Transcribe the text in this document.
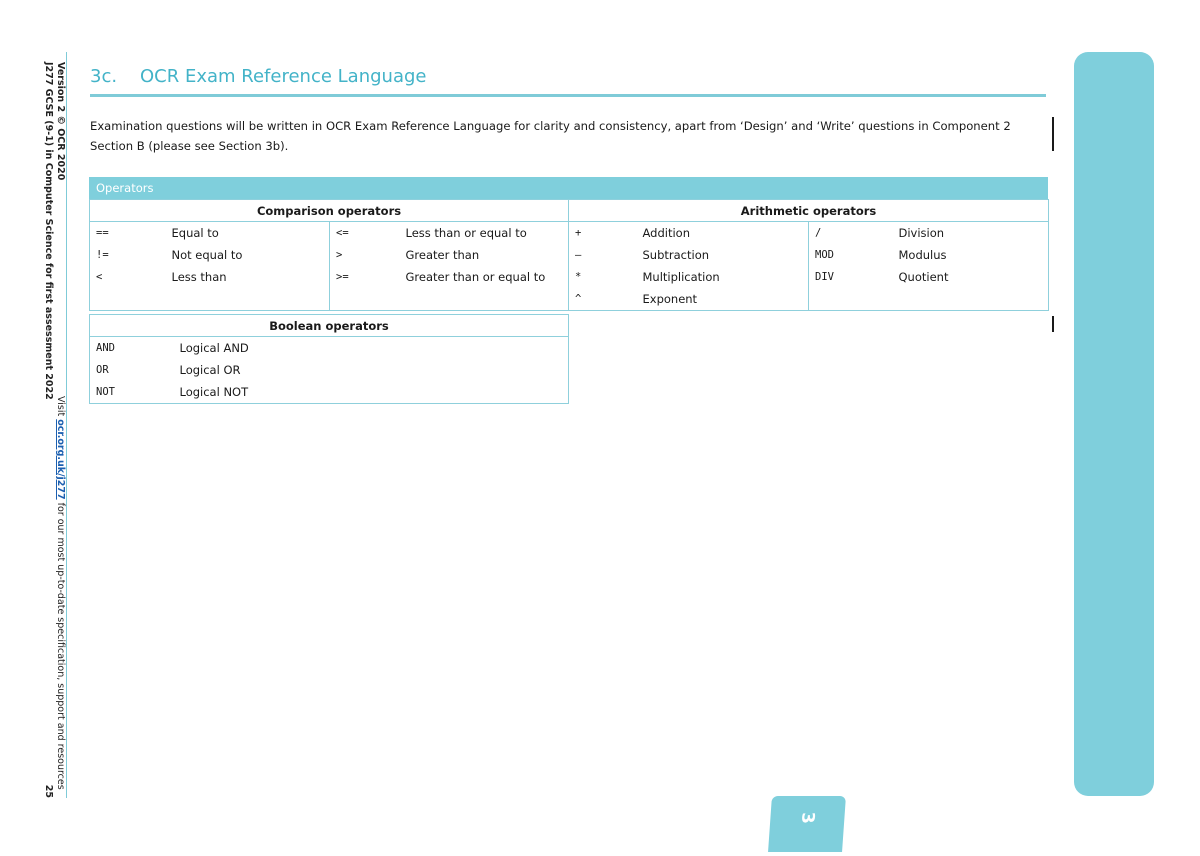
Version 2 © OCR 2020
J277 GCSE (9-1) in Computer Science for first assessment 2022
Visit ocr.org.uk/j277 for our most up-to-date specification, support and resources
25
3c. OCR Exam Reference Language
Examination questions will be written in OCR Exam Reference Language for clarity and consistency, apart from ‘Design’ and ‘Write’ questions in Component 2 Section B (please see Section 3b).
3
Operators
Comparison operators			
==	Equal to	<=	Less than or equal to
!=	Not equal to	>	Greater than
<	Less than	>=	Greater than or equal to

Arithmetic operators			
+	Addition	/	Division
–	Subtraction	MOD	Modulus
*	Multiplication	DIV	Quotient
^	Exponent		
Boolean operators	
AND	Logical AND
OR	Logical OR
NOT	Logical NOT
